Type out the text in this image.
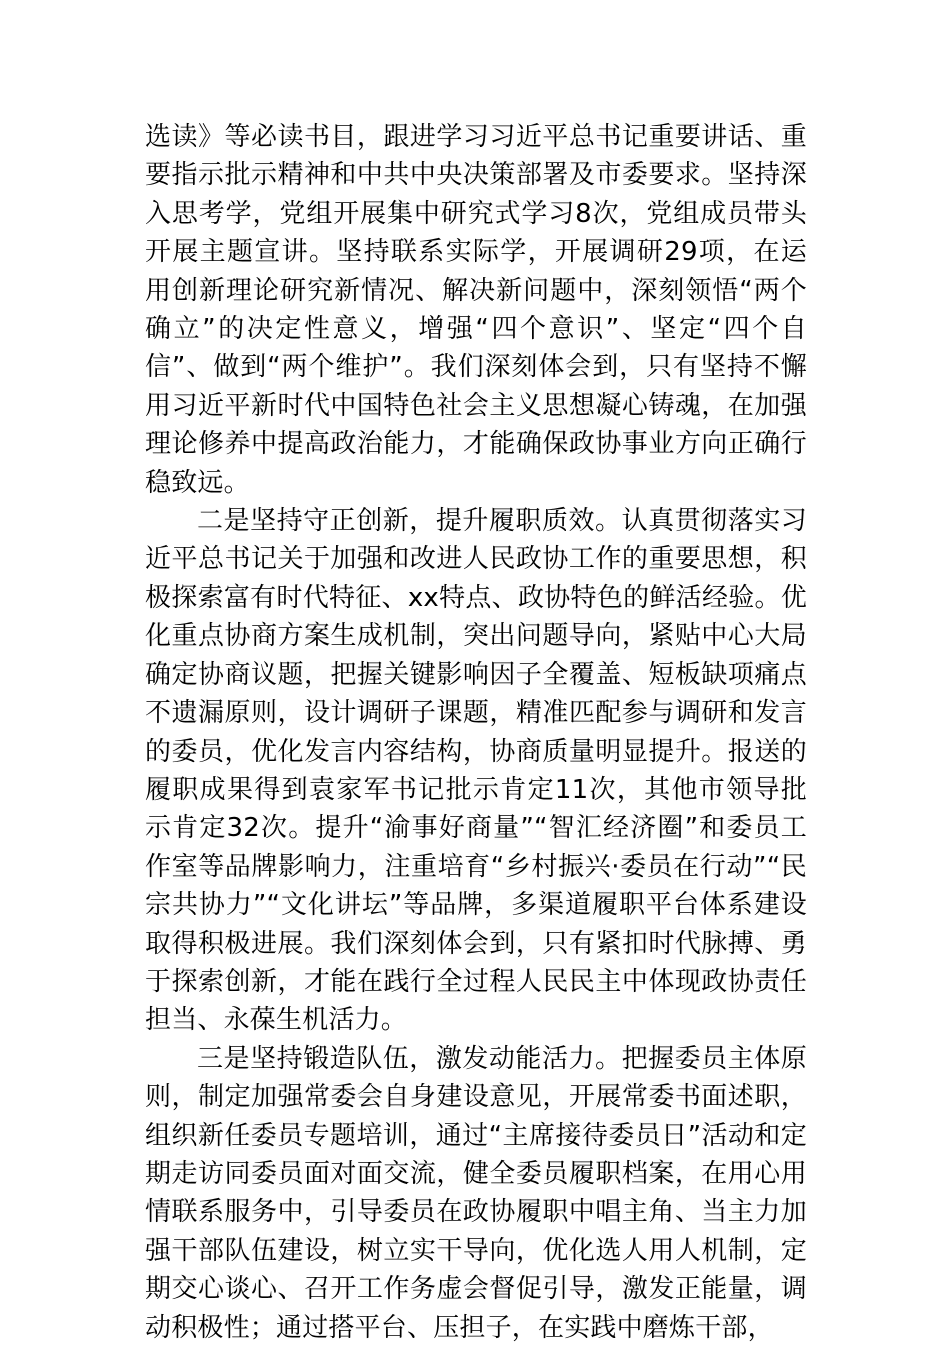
选读》等必读书目，跟进学习习近平总书记重要讲话、重要指示批示精神和中共中央决策部署及市委要求。坚持深入思考学，党组开展集中研究式学习8次，党组成员带头开展主题宣讲。坚持联系实际学，开展调研29项，在运用创新理论研究新情况、解决新问题中，深刻领悟“两个确立”的决定性意义，增强“四个意识”、坚定“四个自信”、做到“两个维护”。我们深刻体会到，只有坚持不懈用习近平新时代中国特色社会主义思想凝心铸魂，在加强理论修养中提高政治能力，才能确保政协事业方向正确行稳致远。

二是坚持守正创新，提升履职质效。认真贯彻落实习近平总书记关于加强和改进人民政协工作的重要思想，积极探索富有时代特征、xx特点、政协特色的鲜活经验。优化重点协商方案生成机制，突出问题导向，紧贴中心大局确定协商议题，把握关键影响因子全覆盖、短板缺项痛点不遗漏原则，设计调研子课题，精准匹配参与调研和发言的委员，优化发言内容结构，协商质量明显提升。报送的履职成果得到袁家军书记批示肯定11次，其他市领导批示肯定32次。提升“渝事好商量”“智汇经济圈”和委员工作室等品牌影响力，注重培育“乡村振兴·委员在行动”“民宗共协力”“文化讲坛”等品牌，多渠道履职平台体系建设取得积极进展。我们深刻体会到，只有紧扣时代脉搏、勇于探索创新，才能在践行全过程人民民主中体现政协责任担当、永葆生机活力。

三是坚持锻造队伍，激发动能活力。把握委员主体原则，制定加强常委会自身建设意见，开展常委书面述职，组织新任委员专题培训，通过“主席接待委员日”活动和定期走访同委员面对面交流，健全委员履职档案，在用心用情联系服务中，引导委员在政协履职中唱主角、当主力加强干部队伍建设，树立实干导向，优化选人用人机制，定期交心谈心、召开工作务虚会督促引导，激发正能量，调动积极性；通过搭平台、压担子，在实践中磨炼干部，
